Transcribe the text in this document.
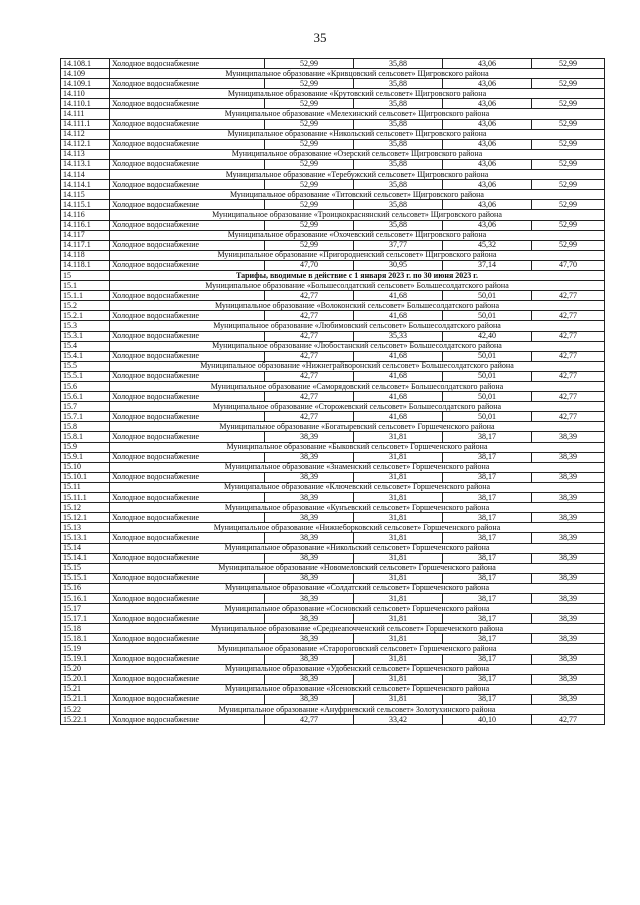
35
14.108.1	Холодное водоснабжение	52,99	35,88	43,06	52,99
14.109	Муниципальное образование «Кривцовский сельсовет» Щигровского района				
14.109.1	Холодное водоснабжение	52,99	35,88	43,06	52,99
14.110	Муниципальное образование «Крутовский сельсовет» Щигровского района				
14.110.1	Холодное водоснабжение	52,99	35,88	43,06	52,99
14.111	Муниципальное образование «Мелехинский сельсовет» Щигровского района				
14.111.1	Холодное водоснабжение	52,99	35,88	43,06	52,99
14.112	Муниципальное образование «Никольский сельсовет» Щигровского района				
14.112.1	Холодное водоснабжение	52,99	35,88	43,06	52,99
14.113	Муниципальное образование «Озерский сельсовет» Щигровского района				
14.113.1	Холодное водоснабжение	52,99	35,88	43,06	52,99
14.114	Муниципальное образование «Теребужский сельсовет» Щигровского района				
14.114.1	Холодное водоснабжение	52,99	35,88	43,06	52,99
14.115	Муниципальное образование «Титовский сельсовет» Щигровского района				
14.115.1	Холодное водоснабжение	52,99	35,88	43,06	52,99
14.116	Муниципальное образование «Троицкокраснянский сельсовет» Щигровского района				
14.116.1	Холодное водоснабжение	52,99	35,88	43,06	52,99
14.117	Муниципальное образование «Охочевский сельсовет» Щигровского района				
14.117.1	Холодное водоснабжение	52,99	37,77	45,32	52,99
14.118	Муниципальное образование «Пригородненский сельсовет» Щигровского района				
14.118.1	Холодное водоснабжение	47,70	30,95	37,14	47,70
15	Тарифы, вводимые в действие с 1 января 2023 г. по 30 июня 2023 г.				
15.1	Муниципальное образование «Большесолдатский сельсовет» Большесолдатского района				
15.1.1	Холодное водоснабжение	42,77	41,68	50,01	42,77
15.2	Муниципальное образование «Волоконский сельсовет» Большесолдатского района				
15.2.1	Холодное водоснабжение	42,77	41,68	50,01	42,77
15.3	Муниципальное образование «Любимовский сельсовет» Большесолдатского района				
15.3.1	Холодное водоснабжение	42,77	35,33	42,40	42,77
15.4	Муниципальное образование «Любостанский сельсовет» Большесолдатского района				
15.4.1	Холодное водоснабжение	42,77	41,68	50,01	42,77
15.5	Муниципальное образование «Нижнеграйворонский сельсовет» Большесолдатского района				
15.5.1	Холодное водоснабжение	42,77	41,68	50,01	42,77
15.6	Муниципальное образование «Саморядовский сельсовет» Большесолдатского района				
15.6.1	Холодное водоснабжение	42,77	41,68	50,01	42,77
15.7	Муниципальное образование «Сторожевский сельсовет» Большесолдатского района				
15.7.1	Холодное водоснабжение	42,77	41,68	50,01	42,77
15.8	Муниципальное образование «Богатыревский сельсовет» Горшеченского района				
15.8.1	Холодное водоснабжение	38,39	31,81	38,17	38,39
15.9	Муниципальное образование «Быковский сельсовет» Горшеченского района				
15.9.1	Холодное водоснабжение	38,39	31,81	38,17	38,39
15.10	Муниципальное образование «Знаменский сельсовет» Горшеченского района				
15.10.1	Холодное водоснабжение	38,39	31,81	38,17	38,39
15.11	Муниципальное образование «Ключевский сельсовет» Горшеченского района				
15.11.1	Холодное водоснабжение	38,39	31,81	38,17	38,39
15.12	Муниципальное образование «Кунъевский сельсовет» Горшеченского района				
15.12.1	Холодное водоснабжение	38,39	31,81	38,17	38,39
15.13	Муниципальное образование «Нижнеборковский сельсовет» Горшеченского района				
15.13.1	Холодное водоснабжение	38,39	31,81	38,17	38,39
15.14	Муниципальное образование «Никольский сельсовет» Горшеченского района				
15.14.1	Холодное водоснабжение	38,39	31,81	38,17	38,39
15.15	Муниципальное образование «Новомеловский сельсовет» Горшеченского района				
15.15.1	Холодное водоснабжение	38,39	31,81	38,17	38,39
15.16	Муниципальное образование «Солдатский сельсовет» Горшеченского района				
15.16.1	Холодное водоснабжение	38,39	31,81	38,17	38,39
15.17	Муниципальное образование «Сосновский сельсовет» Горшеченского района				
15.17.1	Холодное водоснабжение	38,39	31,81	38,17	38,39
15.18	Муниципальное образование «Среднеапочченский сельсовет» Горшеченского района				
15.18.1	Холодное водоснабжение	38,39	31,81	38,17	38,39
15.19	Муниципальное образование «Старороговский сельсовет» Горшеченского района				
15.19.1	Холодное водоснабжение	38,39	31,81	38,17	38,39
15.20	Муниципальное образование «Удобенский сельсовет» Горшеченского района				
15.20.1	Холодное водоснабжение	38,39	31,81	38,17	38,39
15.21	Муниципальное образование «Ясеновский сельсовет» Горшеченского района				
15.21.1	Холодное водоснабжение	38,39	31,81	38,17	38,39
15.22	Муниципальное образование «Ануфриевский сельсовет» Золотухинского района				
15.22.1	Холодное водоснабжение	42,77	33,42	40,10	42,77
